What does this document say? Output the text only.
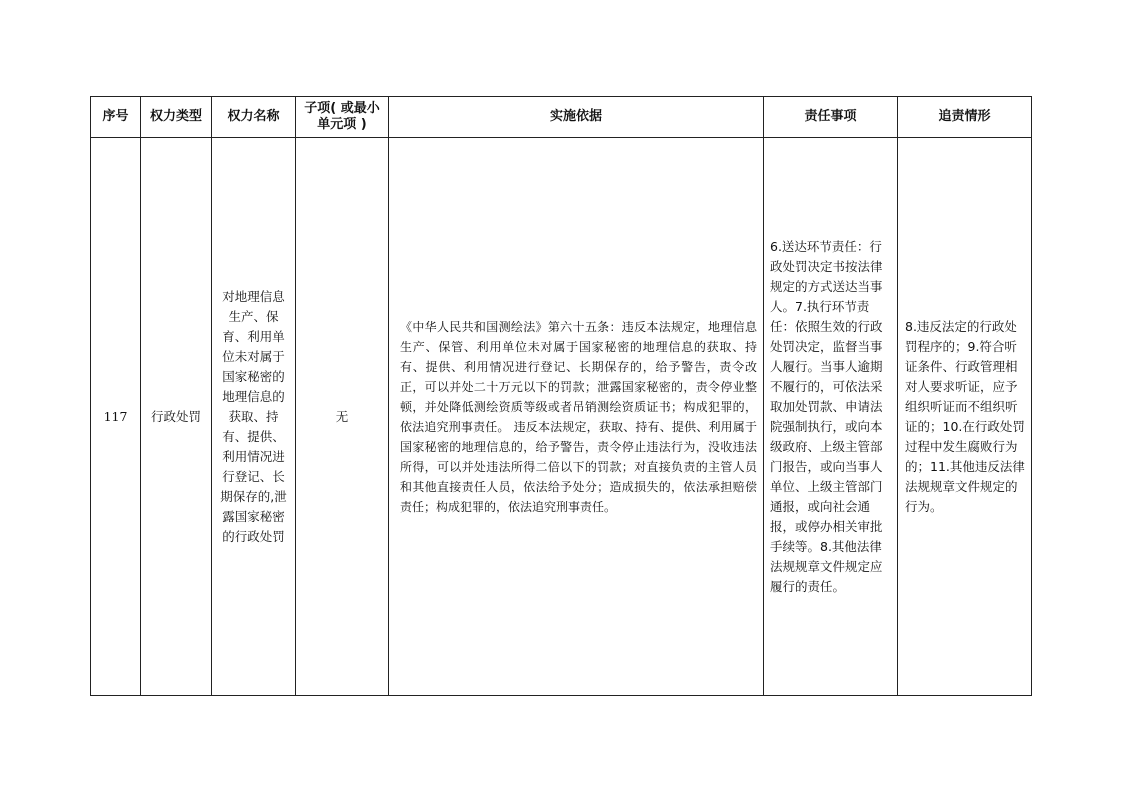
序号	权力类型	权力名称	子项( 或最小单元项 )	实施依据	责任事项	追责情形
117	行政处罚	对地理信息生产、保育、利用单位未对属于国家秘密的地理信息的获取、持有、提供、利用情况进行登记、长期保存的,泄露国家秘密的行政处罚	无	《中华人民共和国测绘法》第六十五条：违反本法规定，地理信息生产、保管、利用单位未对属于国家秘密的地理信息的获取、持有、提供、利用情况进行登记、长期保存的，给予警告，责令改正，可以并处二十万元以下的罚款；泄露国家秘密的，责令停业整顿，并处降低测绘资质等级或者吊销测绘资质证书；构成犯罪的，依法追究刑事责任。 违反本法规定，获取、持有、提供、利用属于国家秘密的地理信息的，给予警告，责令停止违法行为，没收违法所得，可以并处违法所得二倍以下的罚款；对直接负责的主管人员和其他直接责任人员，依法给予处分；造成损失的，依法承担赔偿责任；构成犯罪的，依法追究刑事责任。	6.送达环节责任：行政处罚决定书按法律规定的方式送达当事人。7.执行环节责任：依照生效的行政处罚决定，监督当事人履行。当事人逾期不履行的，可依法采取加处罚款、申请法院强制执行，或向本级政府、上级主管部门报告，或向当事人单位、上级主管部门通报，或向社会通报，或停办相关审批手续等。8.其他法律法规规章文件规定应履行的责任。	8.违反法定的行政处罚程序的；9.符合听证条件、行政管理相对人要求听证，应予组织听证而不组织听证的；10.在行政处罚过程中发生腐败行为的；11.其他违反法律法规规章文件规定的行为。
